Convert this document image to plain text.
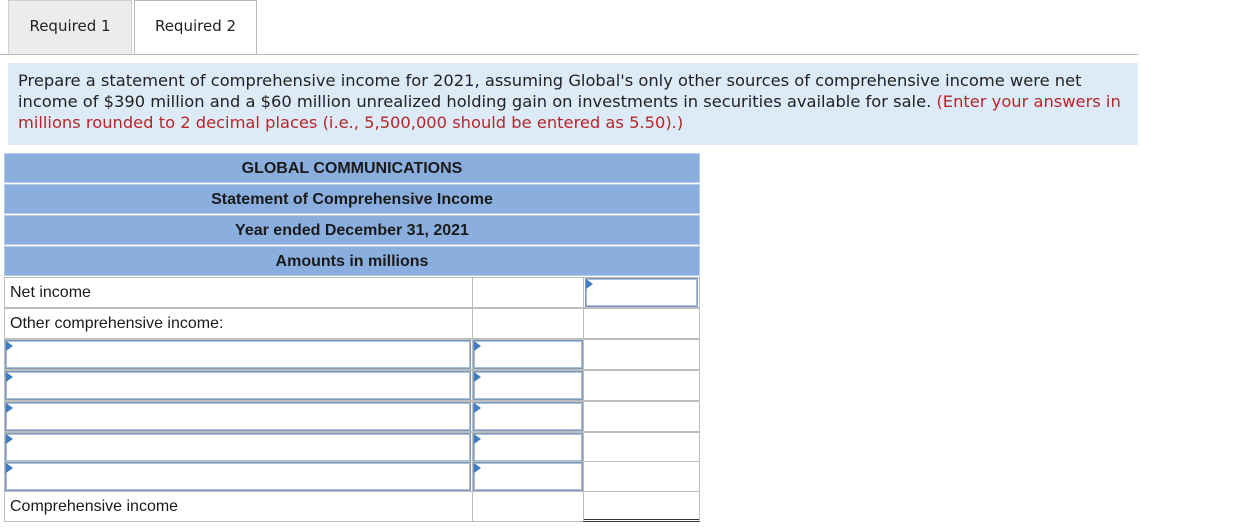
Required 1	Required 2
Prepare a statement of comprehensive income for 2021, assuming Global's only other sources of comprehensive income were net income of $390 million and a $60 million unrealized holding gain on investments in securities available for sale. (Enter your answers in millions rounded to 2 decimal places (i.e., 5,500,000 should be entered as 5.50).)
GLOBAL COMMUNICATIONS
Statement of Comprehensive Income
Year ended December 31, 2021
Amounts in millions
Net income
Other comprehensive income:
Comprehensive income
